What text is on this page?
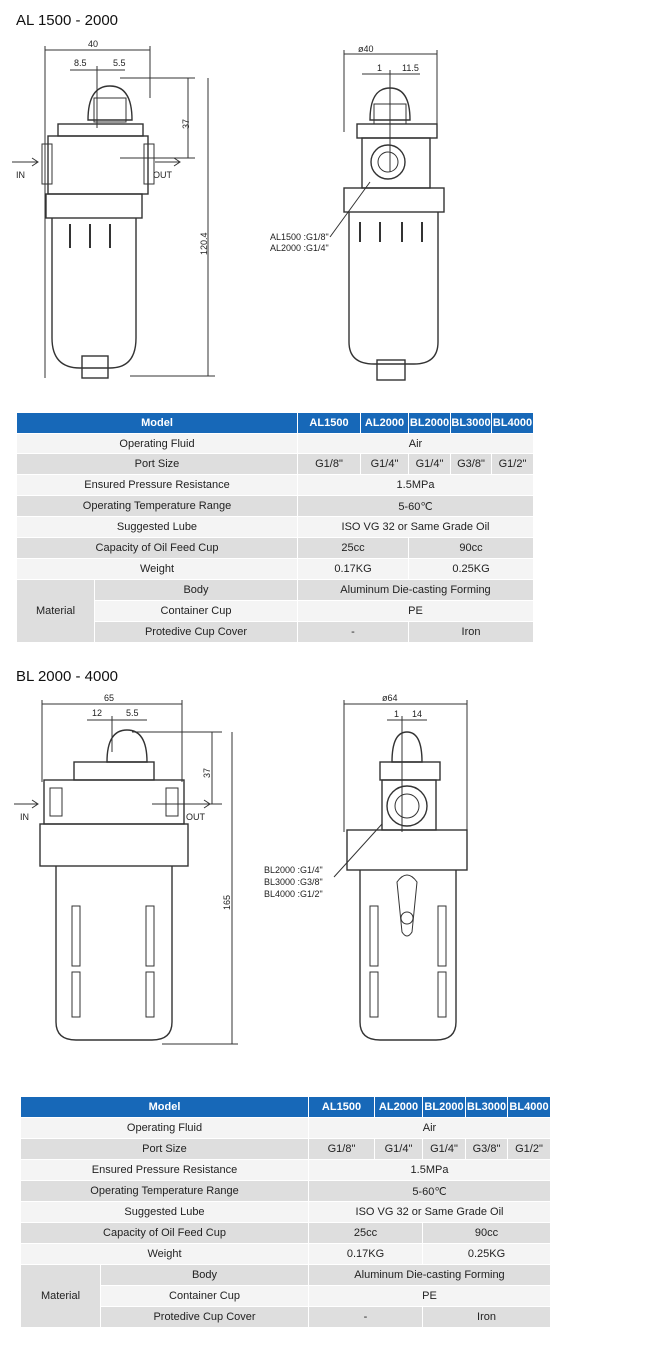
AL 1500 - 2000
40
8.5	5.5
37
120.4
IN	OUT
ø40
1 11.5
AL1500 :G1/8"
AL2000 :G1/4"
Model		AL1500	AL2000	BL2000	BL3000	BL4000
Operating Fluid		Air				
Port Size		G1/8"	G1/4"	G1/4"	G3/8"	G1/2"
Ensured Pressure Resistance		1.5MPa				
Operating Temperature Range		5-60℃				
Suggested Lube		ISO VG 32 or Same Grade Oil				
Capacity of Oil Feed Cup		25cc		90cc		
Weight		0.17KG		0.25KG		
Material	Body	Aluminum Die-casting Forming				
	Container Cup	PE				
	Protedive Cup Cover	-		Iron		
BL 2000 - 4000
65
12	5.5
37
165
IN	OUT
ø64
1 14
BL2000 :G1/4"
BL3000 :G3/8"
BL4000 :G1/2"
Model		AL1500	AL2000	BL2000	BL3000	BL4000
Operating Fluid		Air				
Port Size		G1/8"	G1/4"	G1/4"	G3/8"	G1/2"
Ensured Pressure Resistance		1.5MPa				
Operating Temperature Range		5-60℃				
Suggested Lube		ISO VG 32 or Same Grade Oil				
Capacity of Oil Feed Cup		25cc		90cc		
Weight		0.17KG		0.25KG		
Material	Body	Aluminum Die-casting Forming				
	Container Cup	PE				
	Protedive Cup Cover	-		Iron		
